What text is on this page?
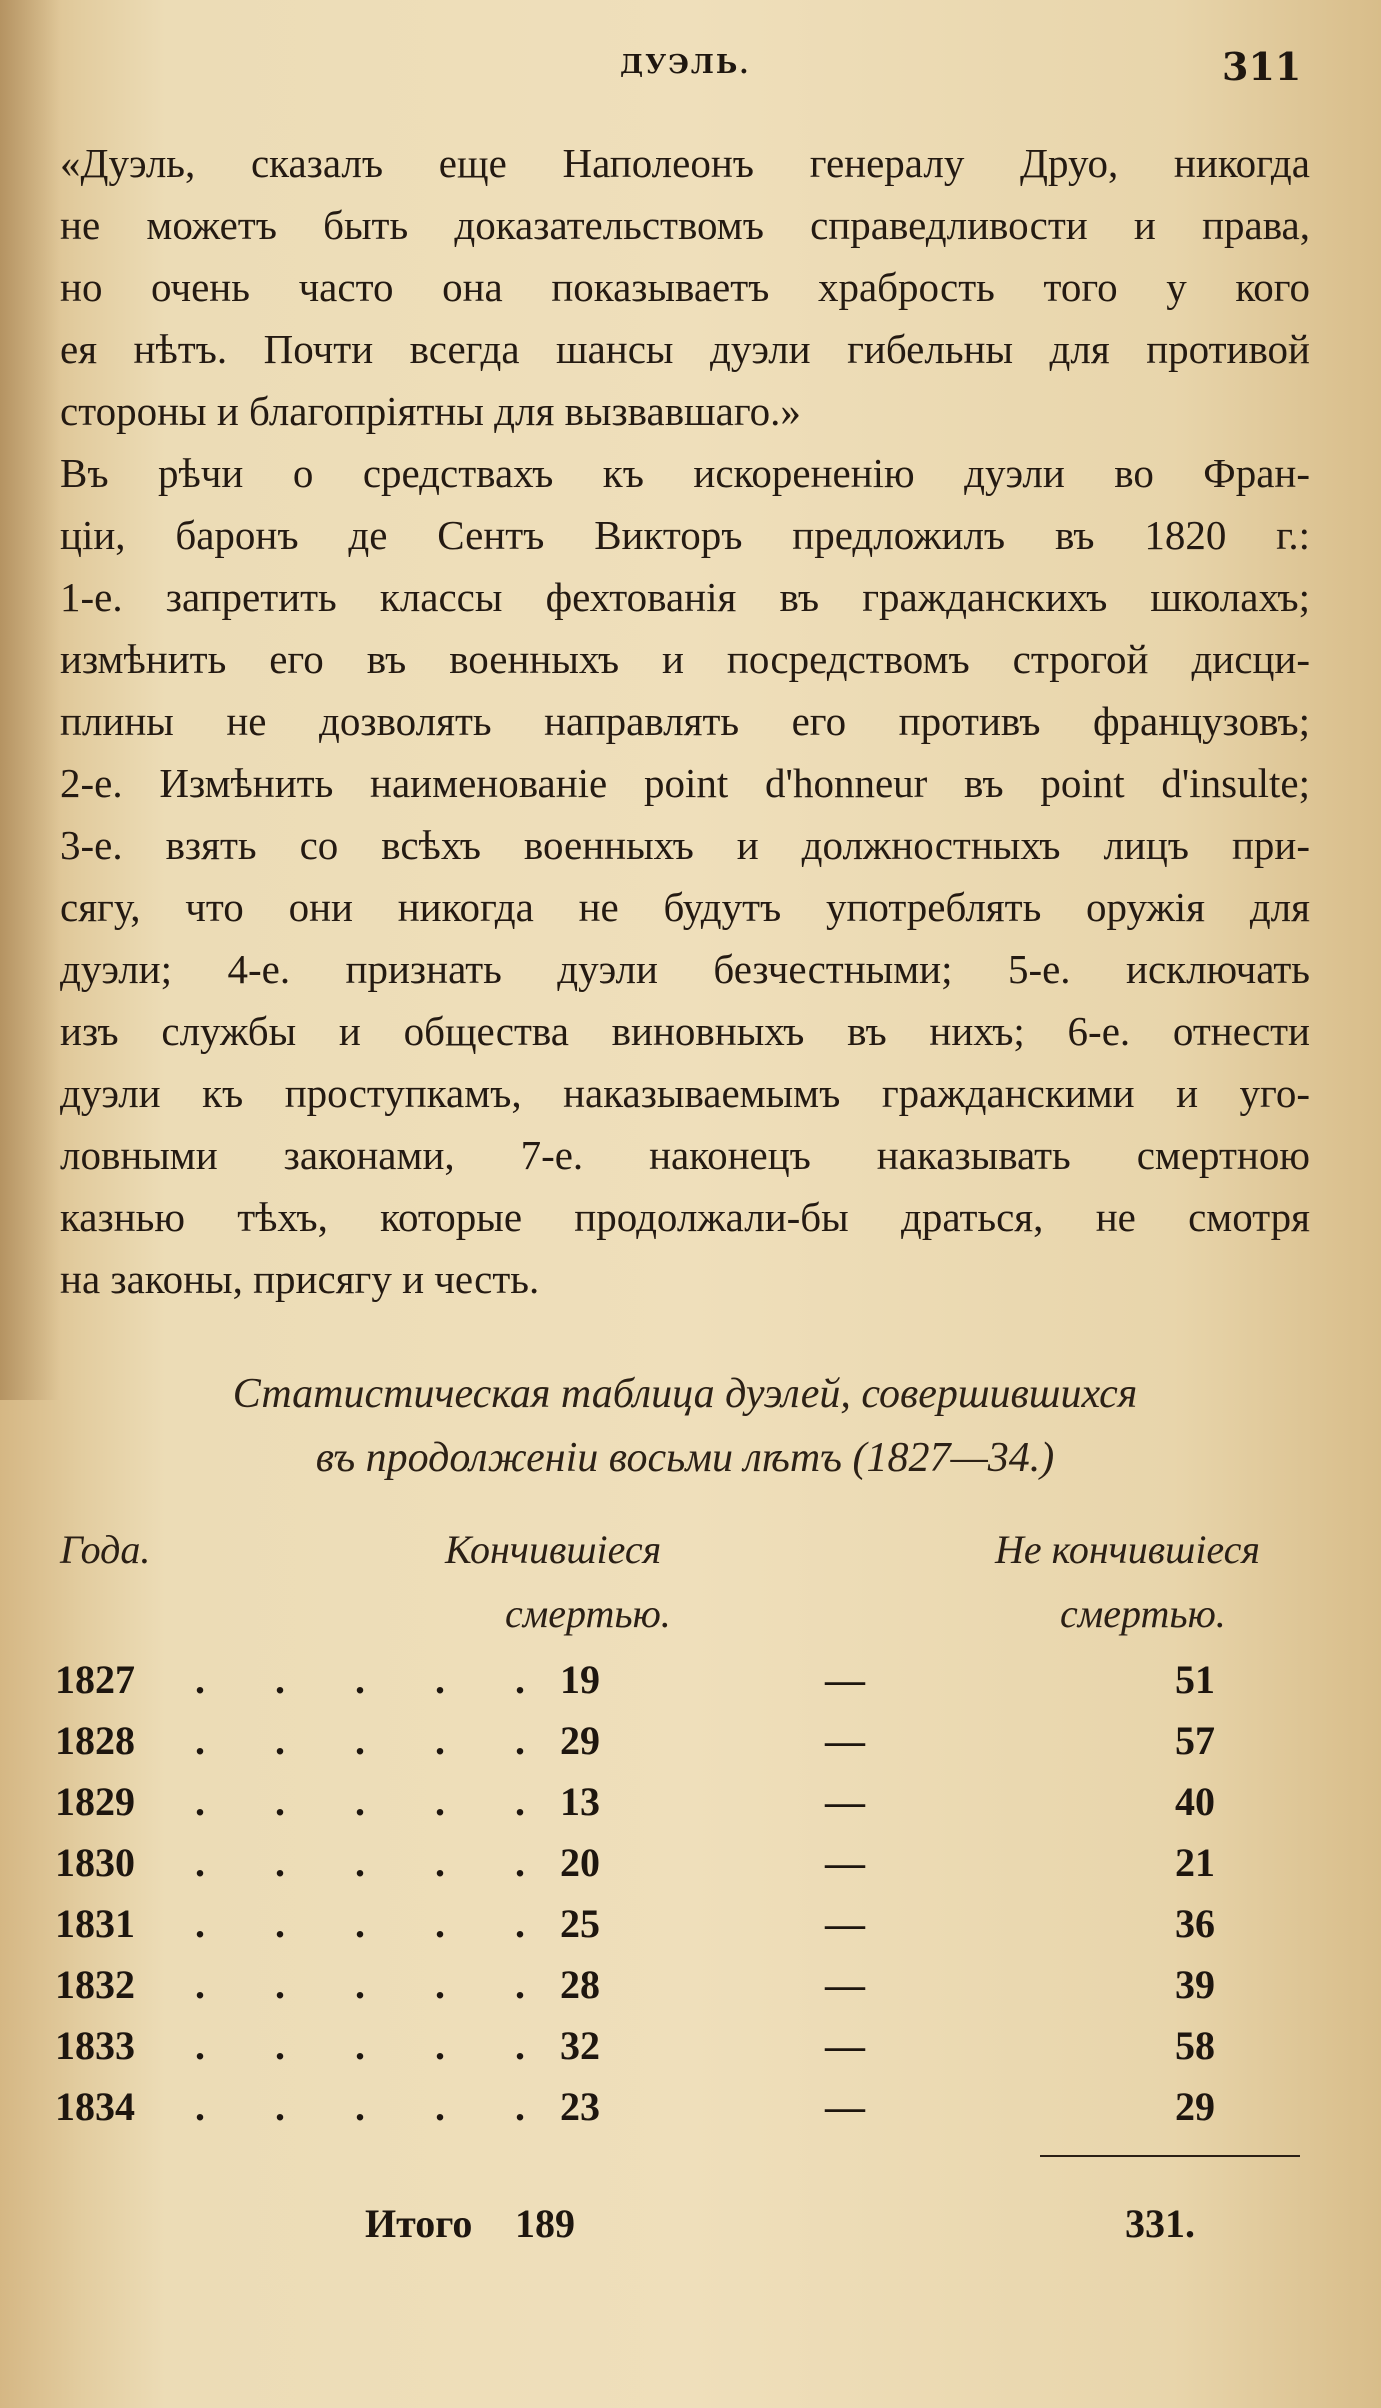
ДУЭЛЬ.	311
«Дуэль, сказалъ еще Наполеонъ генералу Друо, никогда
не можетъ быть доказательствомъ справедливости и права,
но очень часто она показываетъ храбрость того у кого
ея нѣтъ. Почти всегда шансы дуэли гибельны для противой
стороны и благопріятны для вызвавшаго.»
Въ рѣчи о средствахъ къ искорененію дуэли во Фран-
ціи, баронъ де Сентъ Викторъ предложилъ въ 1820 г.:
1-е. запретить классы фехтованія въ гражданскихъ школахъ;
измѣнить его въ военныхъ и посредствомъ строгой дисци-
плины не дозволять направлять его противъ французовъ;
2-е. Измѣнить наименованіе point d'honneur въ point d'insulte;
3-е. взять со всѣхъ военныхъ и должностныхъ лицъ при-
сягу, что они никогда не будутъ употреблять оружія для
дуэли; 4-е. признать дуэли безчестными; 5-е. исключать
изъ службы и общества виновныхъ въ нихъ; 6-е. отнести
дуэли къ проступкамъ, наказываемымъ гражданскими и уго-
ловными законами, 7-е. наконецъ наказывать смертною
казнью тѣхъ, которые продолжали-бы драться, не смотря
на законы, присягу и честь.
Статистическая таблица дуэлей, совершившихся
въ продолженіи восьми лѣтъ (1827—34.)
Года.	Кончившіеся
смертью.
Не кончившіеся
смертью.
1827	. . . . . 19	—	51
1828	. . . . . 29	—	57
1829	. . . . . 13	—	40
1830	. . . . . 20	—	21
1831	. . . . . 25	—	36
1832	. . . . . 28	—	39
1833	. . . . . 32	—	58
1834	. . . . . 23	—	29
Итого 189	331.
